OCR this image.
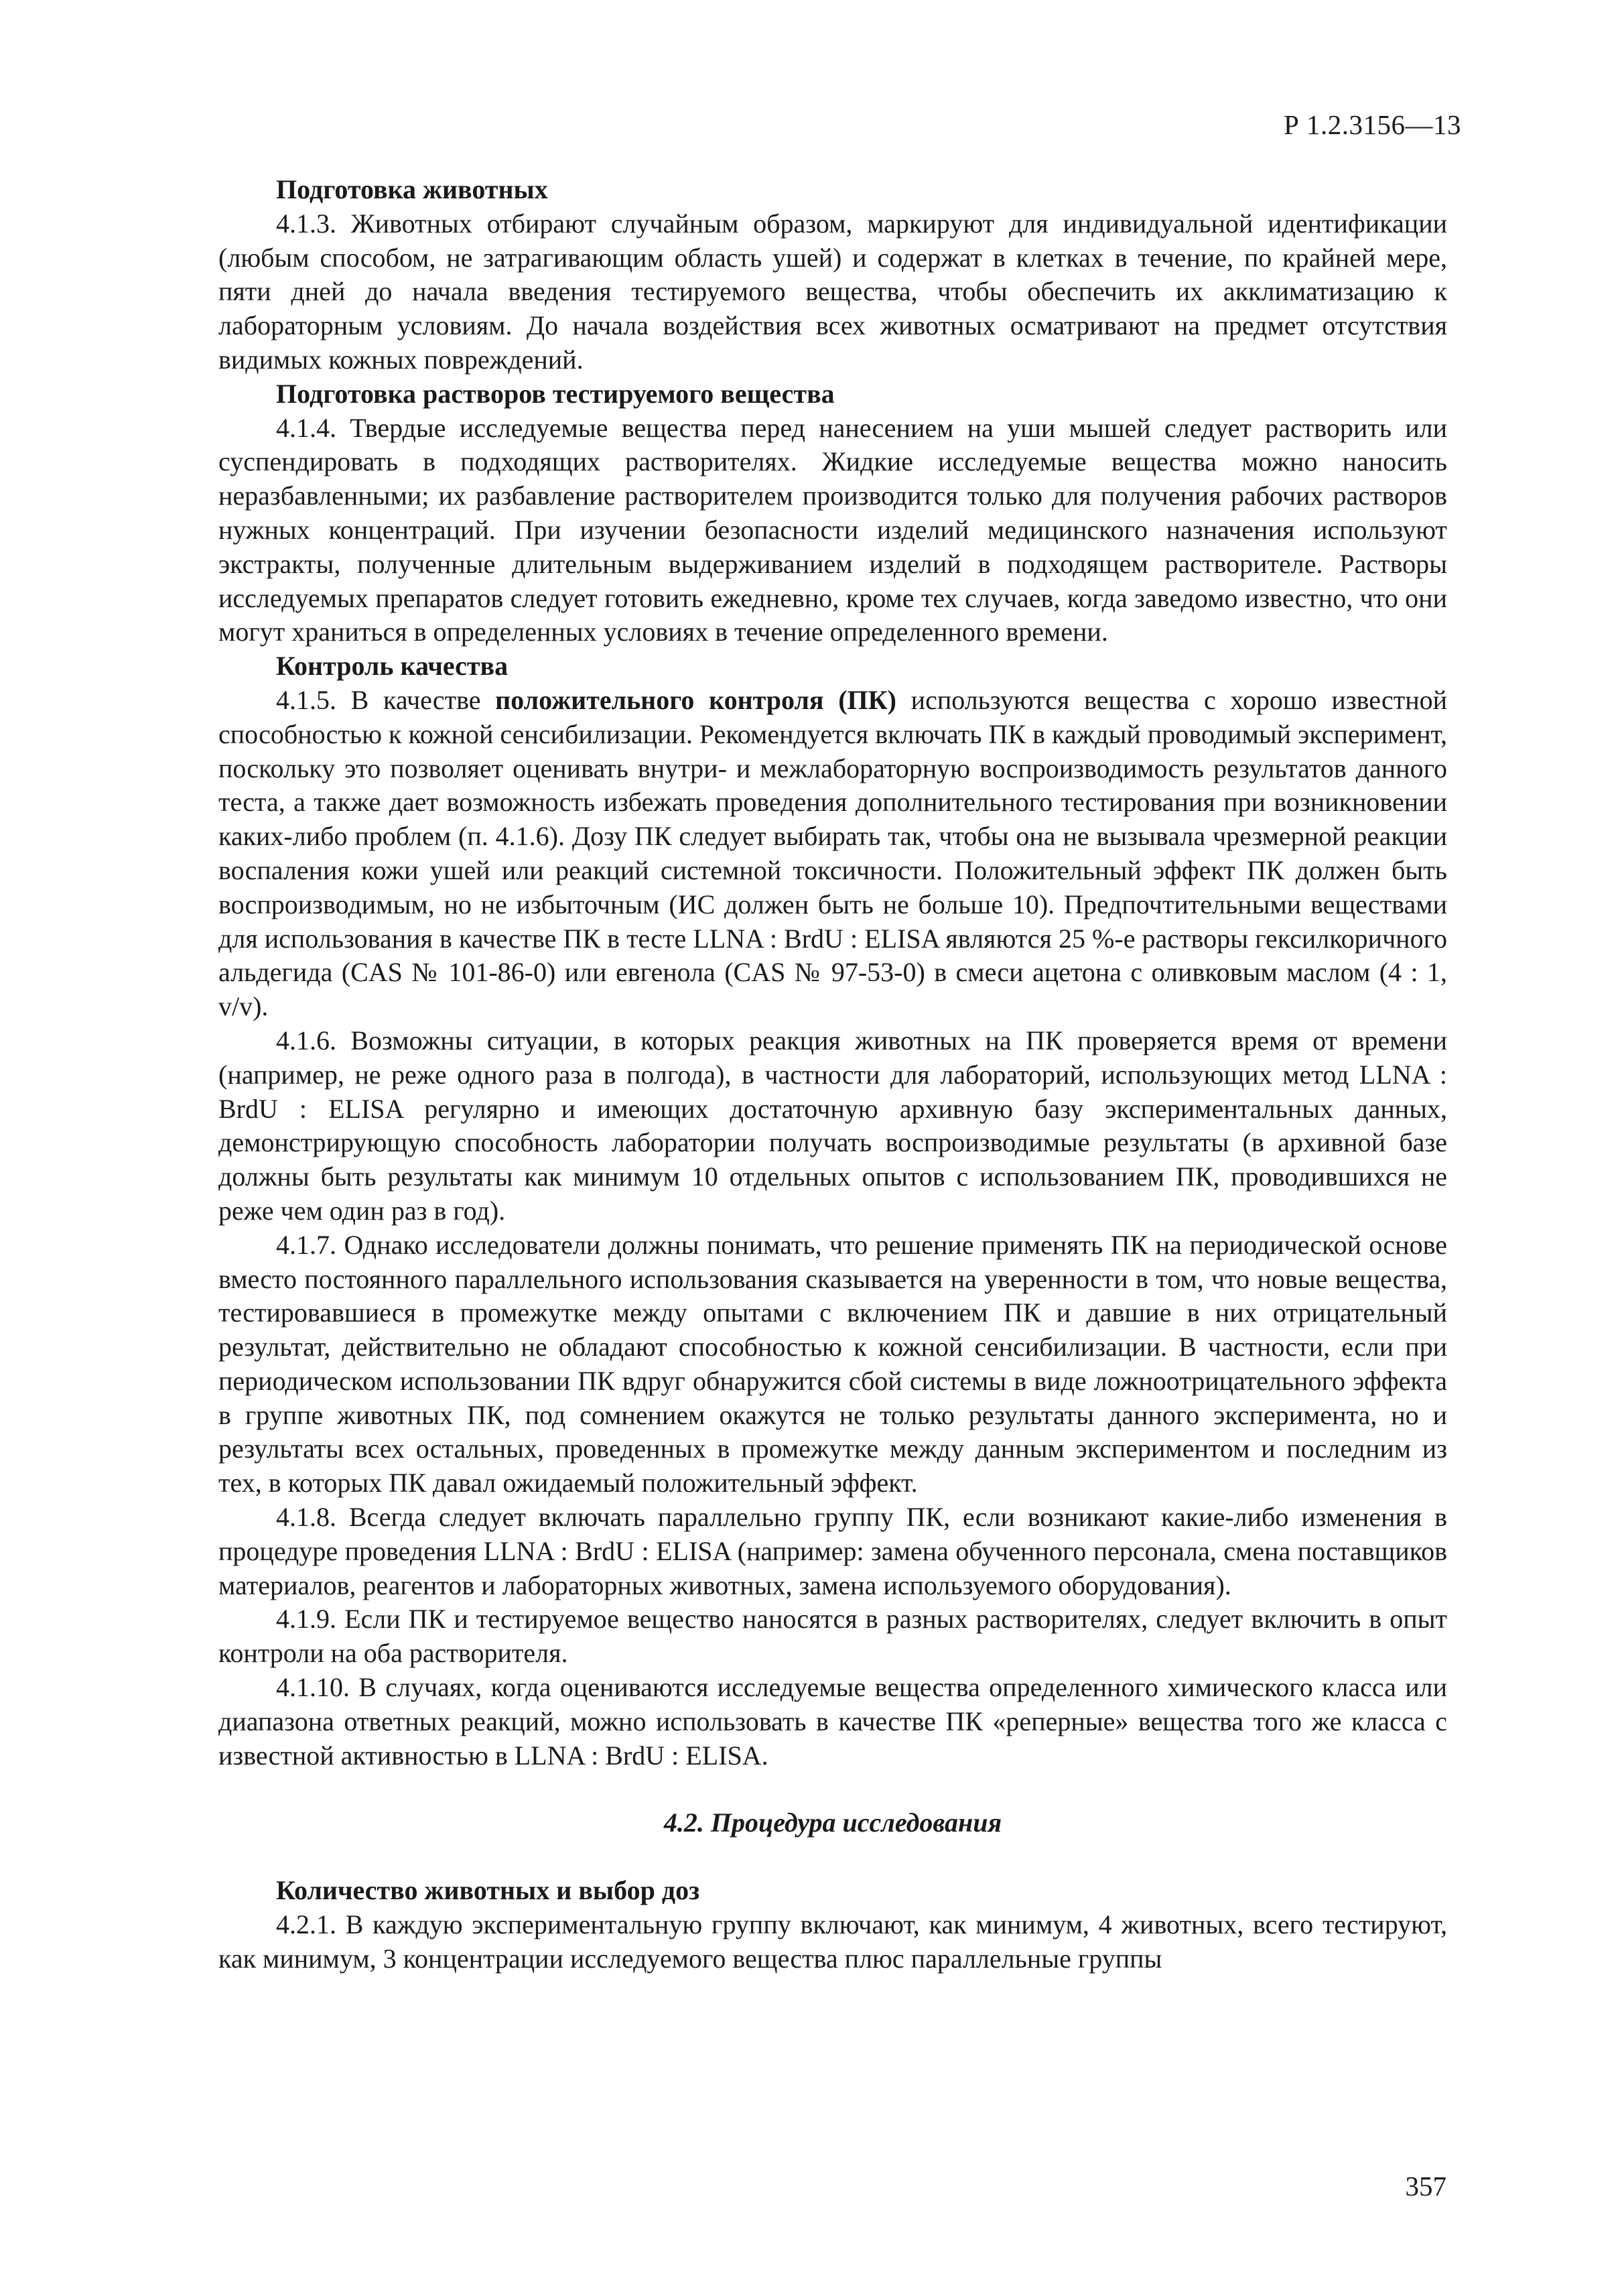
Р 1.2.3156—13
Подготовка животных

4.1.3. Животных отбирают случайным образом, маркируют для индивидуальной идентификации (любым способом, не затрагивающим область ушей) и содержат в клетках в течение, по крайней мере, пяти дней до начала введения тестируемого вещества, чтобы обеспечить их акклиматизацию к лабораторным условиям. До начала воздействия всех животных осматривают на предмет отсутствия видимых кожных повреждений.

Подготовка растворов тестируемого вещества

4.1.4. Твердые исследуемые вещества перед нанесением на уши мышей следует растворить или суспендировать в подходящих растворителях. Жидкие исследуемые вещества можно наносить неразбавленными; их разбавление растворителем производится только для получения рабочих растворов нужных концентраций. При изучении безопасности изделий медицинского назначения используют экстракты, полученные длительным выдерживанием изделий в подходящем растворителе. Растворы исследуемых препаратов следует готовить ежедневно, кроме тех случаев, когда заведомо известно, что они могут храниться в определенных условиях в течение определенного времени.

Контроль качества

4.1.5. В качестве положительного контроля (ПК) используются вещества с хорошо известной способностью к кожной сенсибилизации. Рекомендуется включать ПК в каждый проводимый эксперимент, поскольку это позволяет оценивать внутри- и межлабораторную воспроизводимость результатов данного теста, а также дает возможность избежать проведения дополнительного тестирования при возникновении каких-либо проблем (п. 4.1.6). Дозу ПК следует выбирать так, чтобы она не вызывала чрезмерной реакции воспаления кожи ушей или реакций системной токсичности. Положительный эффект ПК должен быть воспроизводимым, но не избыточным (ИС должен быть не больше 10). Предпочтительными веществами для использования в качестве ПК в тесте LLNA : BrdU : ELISA являются 25 %-е растворы гексилкоричного альдегида (CAS № 101-86-0) или евгенола (CAS № 97-53-0) в смеси ацетона с оливковым маслом (4 : 1, v/v).

4.1.6. Возможны ситуации, в которых реакция животных на ПК проверяется время от времени (например, не реже одного раза в полгода), в частности для лабораторий, использующих метод LLNA : BrdU : ELISA регулярно и имеющих достаточную архивную базу экспериментальных данных, демонстрирующую способность лаборатории получать воспроизводимые результаты (в архивной базе должны быть результаты как минимум 10 отдельных опытов с использованием ПК, проводившихся не реже чем один раз в год).

4.1.7. Однако исследователи должны понимать, что решение применять ПК на периодической основе вместо постоянного параллельного использования сказывается на уверенности в том, что новые вещества, тестировавшиеся в промежутке между опытами с включением ПК и давшие в них отрицательный результат, действительно не обладают способностью к кожной сенсибилизации. В частности, если при периодическом использовании ПК вдруг обнаружится сбой системы в виде ложноотрицательного эффекта в группе животных ПК, под сомнением окажутся не только результаты данного эксперимента, но и результаты всех остальных, проведенных в промежутке между данным экспериментом и последним из тех, в которых ПК давал ожидаемый положительный эффект.

4.1.8. Всегда следует включать параллельно группу ПК, если возникают какие-либо изменения в процедуре проведения LLNA : BrdU : ELISA (например: замена обученного персонала, смена поставщиков материалов, реагентов и лабораторных животных, замена используемого оборудования).

4.1.9. Если ПК и тестируемое вещество наносятся в разных растворителях, следует включить в опыт контроли на оба растворителя.

4.1.10. В случаях, когда оцениваются исследуемые вещества определенного химического класса или диапазона ответных реакций, можно использовать в качестве ПК «реперные» вещества того же класса с известной активностью в LLNA : BrdU : ELISA.

4.2. Процедура исследования
Количество животных и выбор доз

4.2.1. В каждую экспериментальную группу включают, как минимум, 4 животных, всего тестируют, как минимум, 3 концентрации исследуемого вещества плюс параллельные группы

357
